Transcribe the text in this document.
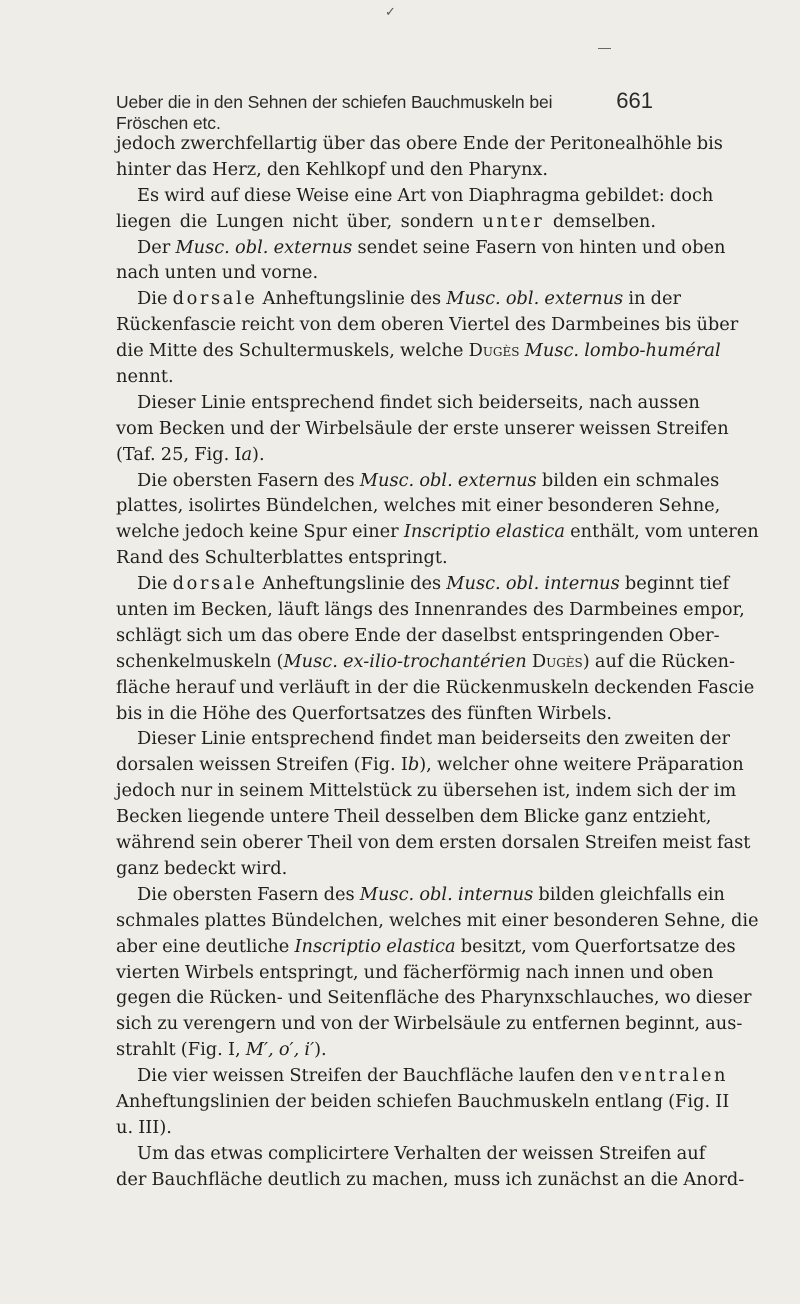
✓
—
Ueber die in den Sehnen der schiefen Bauchmuskeln bei Fröschen etc.
661
jedoch zwerchfellartig über das obere Ende der Peritonealhöhle bis
hinter das Herz, den Kehlkopf und den Pharynx.
Es wird auf diese Weise eine Art von Diaphragma gebildet: doch
liegen die Lungen nicht über, sondern unter demselben.
Der Musc. obl. externus sendet seine Fasern von hinten und oben
nach unten und vorne.
Die dorsale Anheftungslinie des Musc. obl. externus in der
Rückenfascie reicht von dem oberen Viertel des Darmbeines bis über
die Mitte des Schultermuskels, welche Dugès Musc. lombo-huméral
nennt.
Dieser Linie entsprechend findet sich beiderseits, nach aussen
vom Becken und der Wirbelsäule der erste unserer weissen Streifen
(Taf. 25, Fig. Ia).
Die obersten Fasern des Musc. obl. externus bilden ein schmales
plattes, isolirtes Bündelchen, welches mit einer besonderen Sehne,
welche jedoch keine Spur einer Inscriptio elastica enthält, vom unteren
Rand des Schulterblattes entspringt.
Die dorsale Anheftungslinie des Musc. obl. internus beginnt tief
unten im Becken, läuft längs des Innenrandes des Darmbeines empor,
schlägt sich um das obere Ende der daselbst entspringenden Ober-
schenkelmuskeln (Musc. ex-ilio-trochantérien Dugès) auf die Rücken-
fläche herauf und verläuft in der die Rückenmuskeln deckenden Fascie
bis in die Höhe des Querfortsatzes des fünften Wirbels.
Dieser Linie entsprechend findet man beiderseits den zweiten der
dorsalen weissen Streifen (Fig. Ib), welcher ohne weitere Präparation
jedoch nur in seinem Mittelstück zu übersehen ist, indem sich der im
Becken liegende untere Theil desselben dem Blicke ganz entzieht,
während sein oberer Theil von dem ersten dorsalen Streifen meist fast
ganz bedeckt wird.
Die obersten Fasern des Musc. obl. internus bilden gleichfalls ein
schmales plattes Bündelchen, welches mit einer besonderen Sehne, die
aber eine deutliche Inscriptio elastica besitzt, vom Querfortsatze des
vierten Wirbels entspringt, und fächerförmig nach innen und oben
gegen die Rücken- und Seitenfläche des Pharynxschlauches, wo dieser
sich zu verengern und von der Wirbelsäule zu entfernen beginnt, aus-
strahlt (Fig. I, M′, o′, i′).
Die vier weissen Streifen der Bauchfläche laufen den ventralen
Anheftungslinien der beiden schiefen Bauchmuskeln entlang (Fig. II
u. III).
Um das etwas complicirtere Verhalten der weissen Streifen auf
der Bauchfläche deutlich zu machen, muss ich zunächst an die Anord-
